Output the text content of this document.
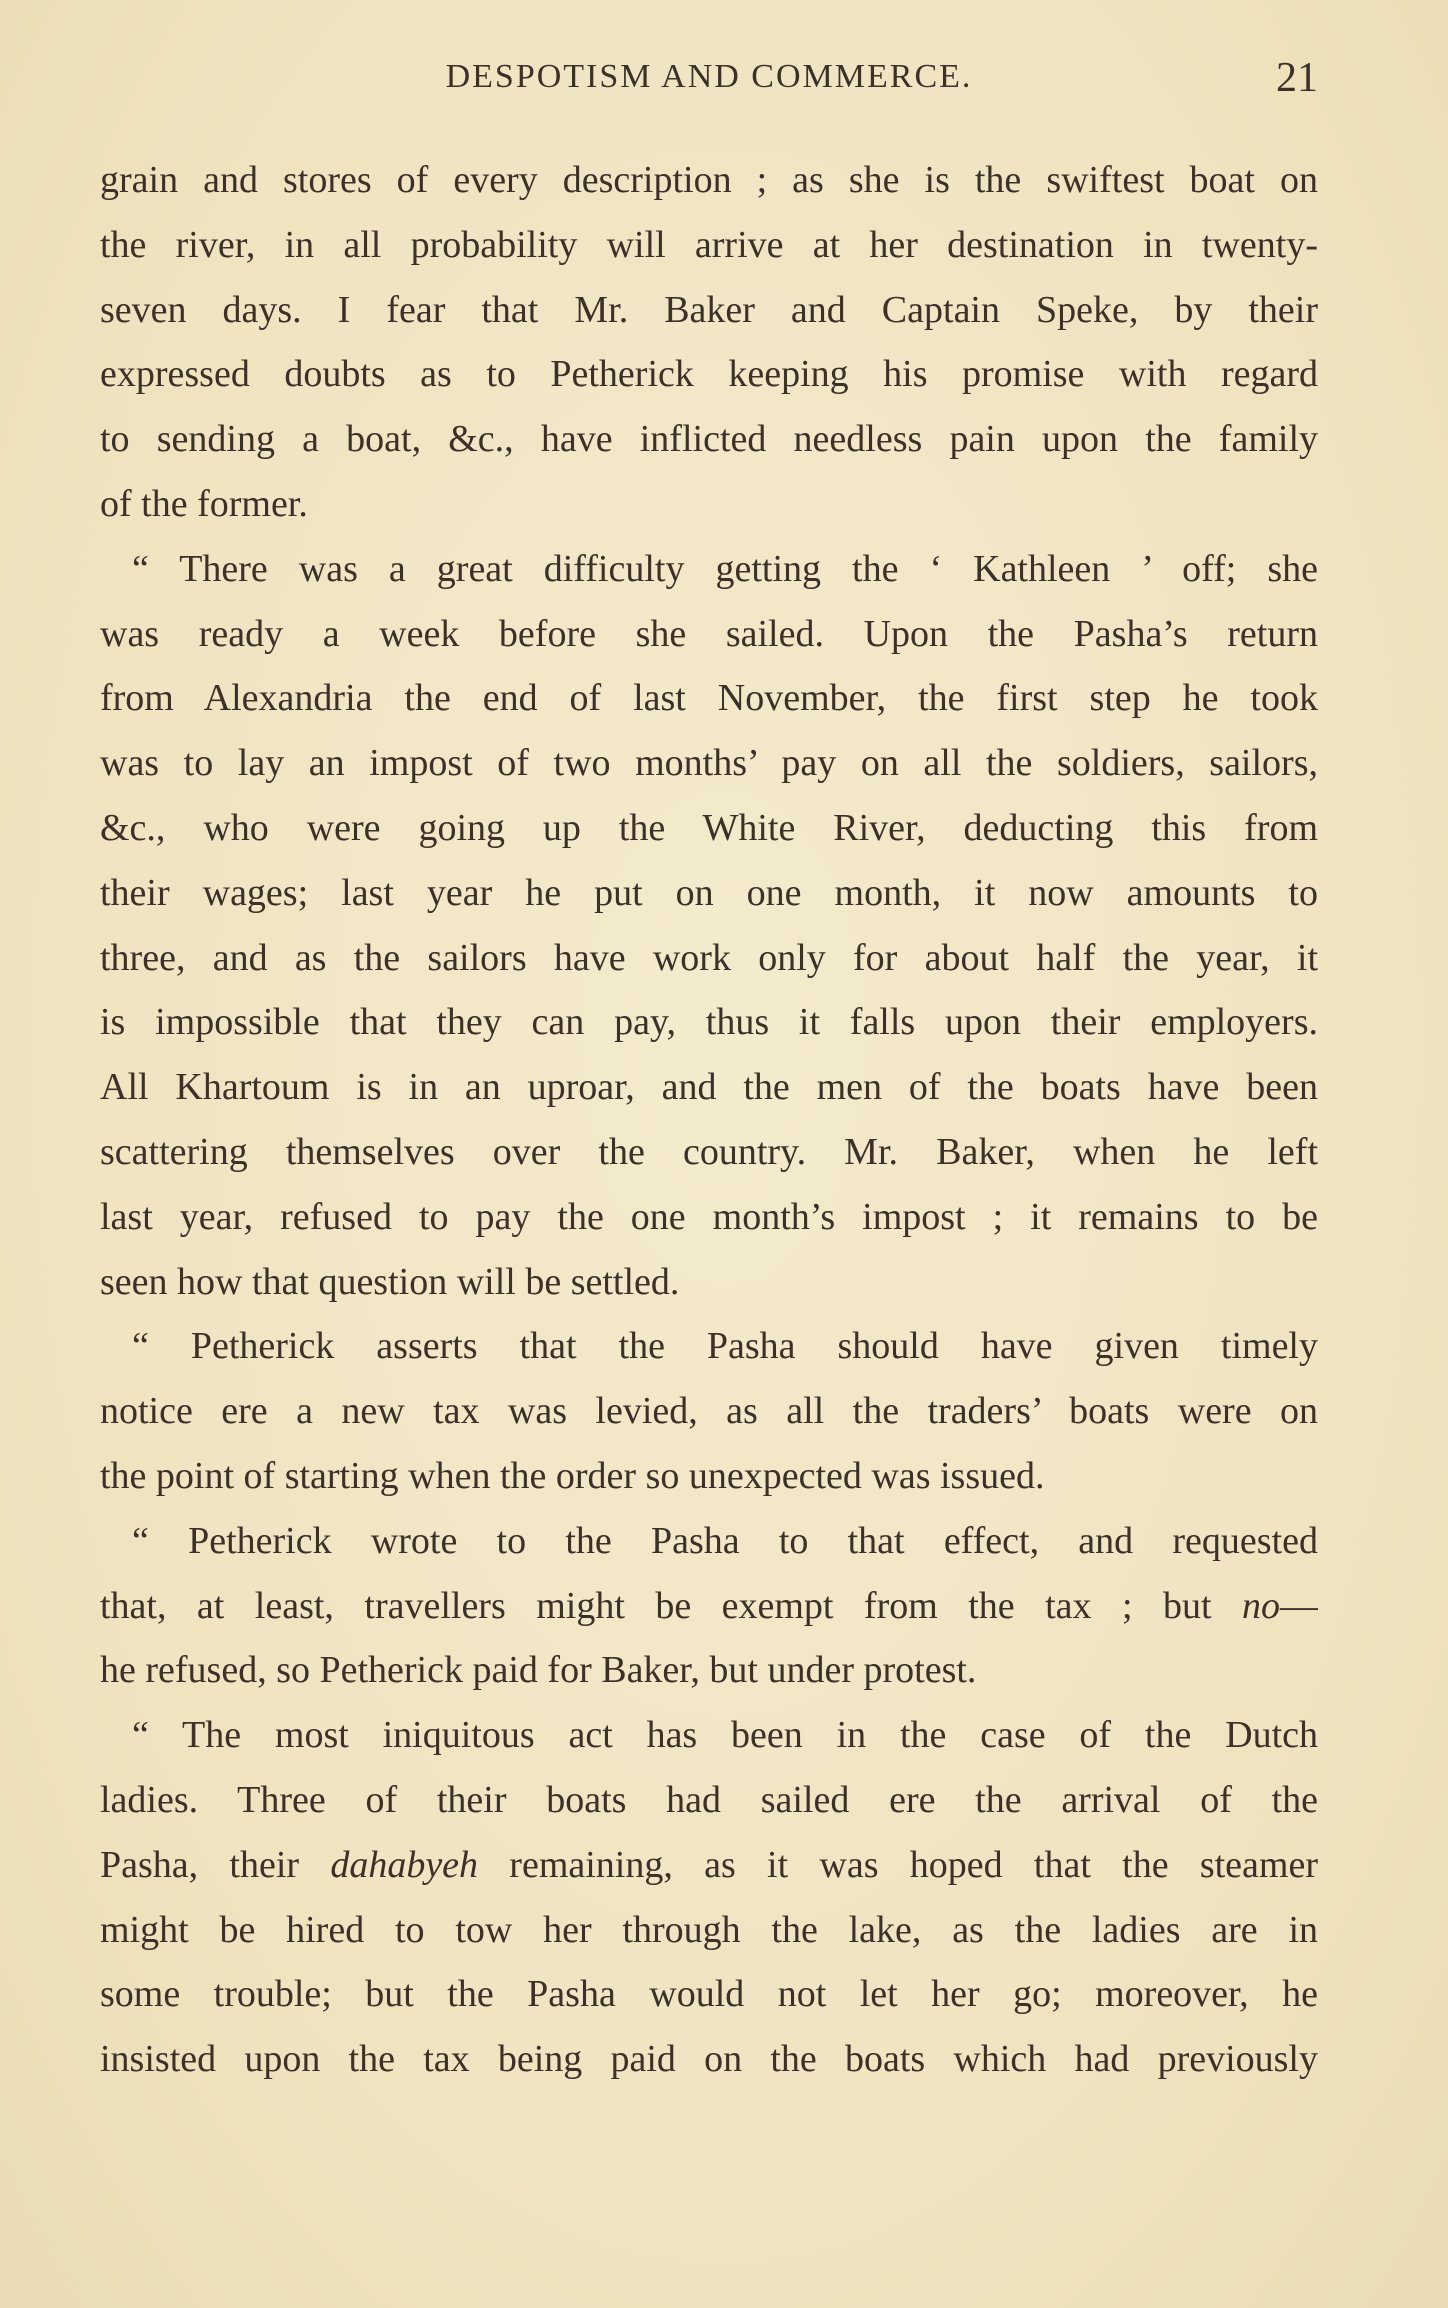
DESPOTISM AND COMMERCE.	21
grain and stores of every description ; as she is the swiftest boat on
the river, in all probability will arrive at her destination in twenty-
seven days. I fear that Mr. Baker and Captain Speke, by their
expressed doubts as to Petherick keeping his promise with regard
to sending a boat, &c., have inflicted needless pain upon the family
of the former.
“ There was a great difficulty getting the ‘ Kathleen ’ off; she
was ready a week before she sailed. Upon the Pasha’s return
from Alexandria the end of last November, the first step he took
was to lay an impost of two months’ pay on all the soldiers, sailors,
&c., who were going up the White River, deducting this from
their wages; last year he put on one month, it now amounts to
three, and as the sailors have work only for about half the year, it
is impossible that they can pay, thus it falls upon their employers.
All Khartoum is in an uproar, and the men of the boats have been
scattering themselves over the country. Mr. Baker, when he left
last year, refused to pay the one month’s impost ; it remains to be
seen how that question will be settled.
“ Petherick asserts that the Pasha should have given timely
notice ere a new tax was levied, as all the traders’ boats were on
the point of starting when the order so unexpected was issued.
“ Petherick wrote to the Pasha to that effect, and requested
that, at least, travellers might be exempt from the tax ; but no—
he refused, so Petherick paid for Baker, but under protest.
“ The most iniquitous act has been in the case of the Dutch
ladies. Three of their boats had sailed ere the arrival of the
Pasha, their dahabyeh remaining, as it was hoped that the steamer
might be hired to tow her through the lake, as the ladies are in
some trouble; but the Pasha would not let her go; moreover, he
insisted upon the tax being paid on the boats which had previously
